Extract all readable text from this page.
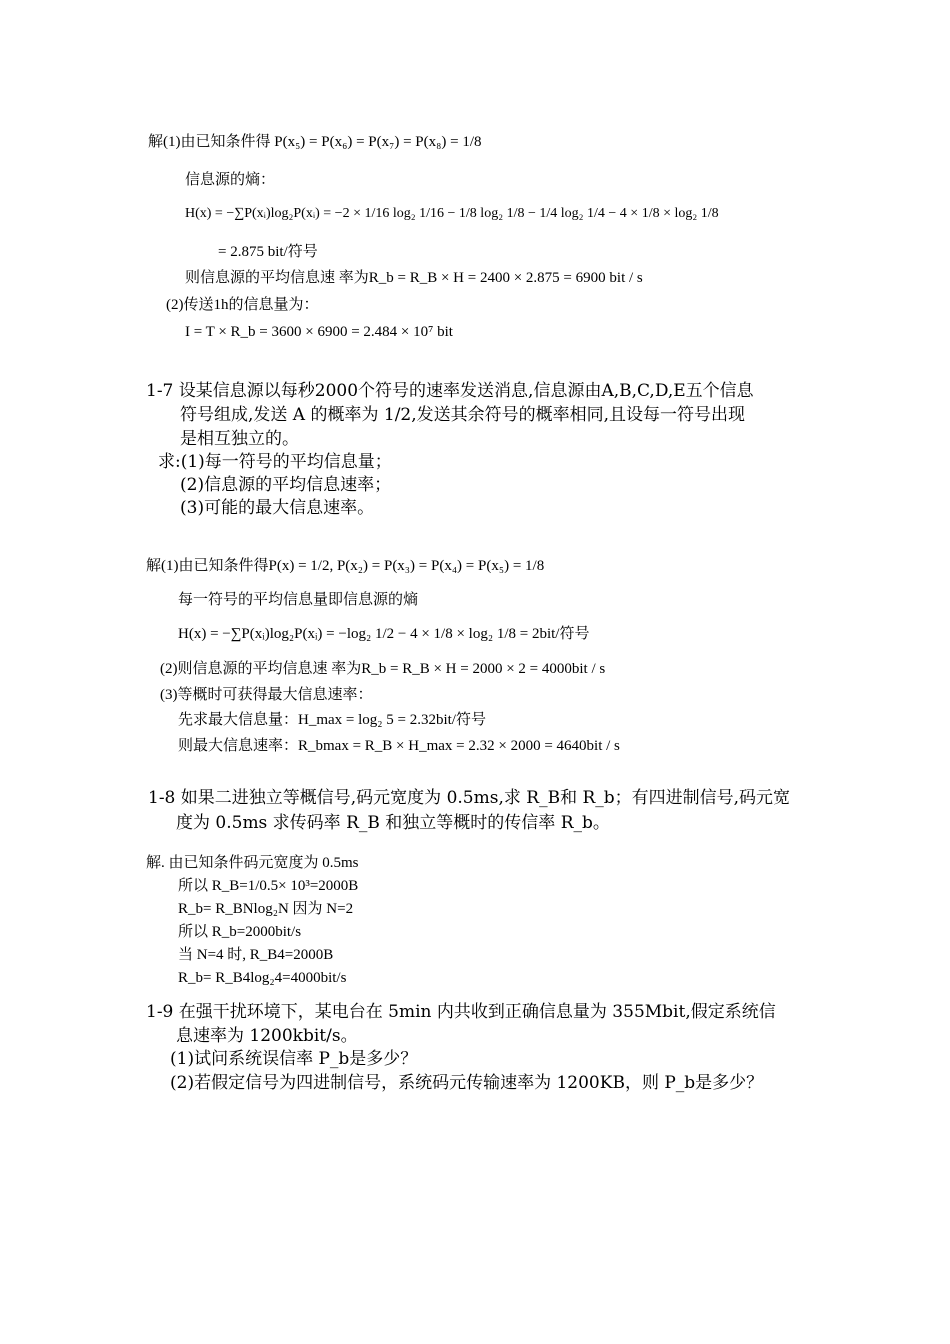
解(1)由已知条件得 P(x₅) = P(x₆) = P(x₇) = P(x₈) = 1/8
信息源的熵：
H(x) = −∑P(xᵢ)log₂P(xᵢ) = −2 × 1/16 log₂ 1/16 − 1/8 log₂ 1/8 − 1/4 log₂ 1/4 − 4 × 1/8 × log₂ 1/8
= 2.875 bit/符号
则信息源的平均信息速 率为R_b = R_B × H = 2400 × 2.875 = 6900 bit / s
(2)传送1h的信息量为：
I = T × R_b = 3600 × 6900 = 2.484 × 10⁷ bit
1-7 设某信息源以每秒2000个符号的速率发送消息,信息源由A,B,C,D,E五个信息
符号组成,发送 A 的概率为 1/2,发送其余符号的概率相同,且设每一符号出现
是相互独立的。
求:(1)每一符号的平均信息量；
(2)信息源的平均信息速率；
(3)可能的最大信息速率。
解(1)由已知条件得P(x) = 1/2, P(x₂) = P(x₃) = P(x₄) = P(x₅) = 1/8
每一符号的平均信息量即信息源的熵
H(x) = −∑P(xᵢ)log₂P(xᵢ) = −log₂ 1/2 − 4 × 1/8 × log₂ 1/8 = 2bit/符号
(2)则信息源的平均信息速 率为R_b = R_B × H = 2000 × 2 = 4000bit / s
(3)等概时可获得最大信息速率：
先求最大信息量：H_max = log₂ 5 = 2.32bit/符号
则最大信息速率：R_bmax = R_B × H_max = 2.32 × 2000 = 4640bit / s
1-8 如果二进独立等概信号,码元宽度为 0.5ms,求 R_B和 R_b；有四进制信号,码元宽
度为 0.5ms 求传码率 R_B 和独立等概时的传信率 R_b。
解. 由已知条件码元宽度为 0.5ms
所以 R_B=1/0.5× 10³=2000B
R_b= R_BNlog₂N 因为 N=2
所以 R_b=2000bit/s
当 N=4 时, R_B4=2000B
R_b= R_B4log₂4=4000bit/s
1-9 在强干扰环境下，某电台在 5min 内共收到正确信息量为 355Mbit,假定系统信
息速率为 1200kbit/s。
(1)试问系统误信率 P_b是多少？
(2)若假定信号为四进制信号，系统码元传输速率为 1200KB，则 P_b是多少？
